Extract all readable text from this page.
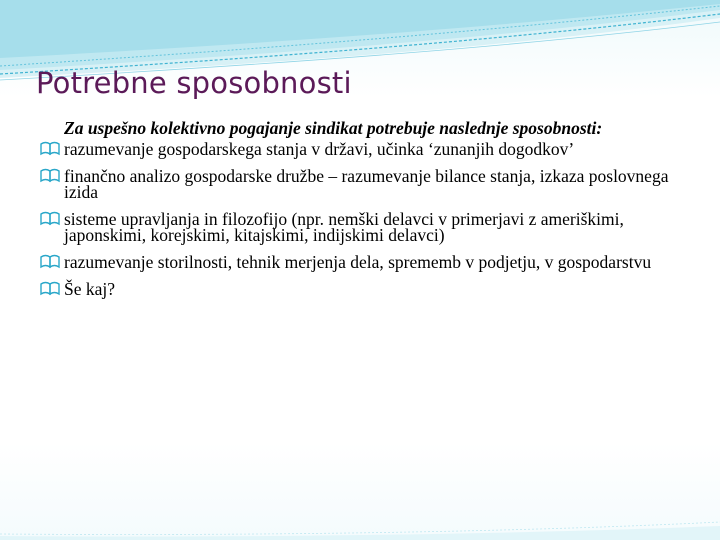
Potrebne sposobnosti

Za uspešno kolektivno pogajanje sindikat potrebuje naslednje sposobnosti:

razumevanje gospodarskega stanja v državi, učinka ‘zunanjih dogodkov’
finančno analizo gospodarske družbe – razumevanje bilance stanja, izkaza poslovnega izida
sisteme upravljanja in filozofijo (npr. nemški delavci v primerjavi z ameriškimi, japonskimi, korejskimi, kitajskimi, indijskimi delavci)
razumevanje storilnosti, tehnik merjenja dela, sprememb v podjetju, v gospodarstvu
Še kaj?
